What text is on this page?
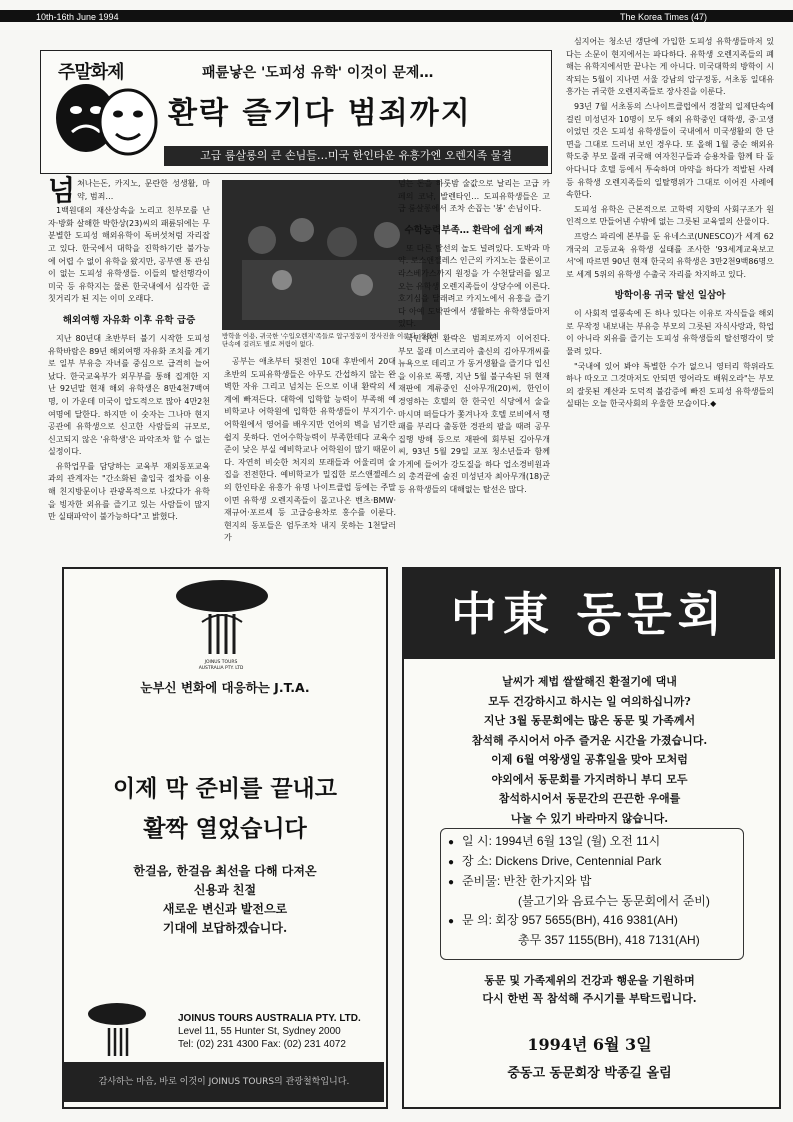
10th-16th June 1994	The Korea Times (47)
주말화제	패륜낳은 '도피성 유학' 이것이 문제…
환락 즐기다 범죄까지
고급 룸살롱의 큰 손님들…미국 한인타운 유흥가엔 오렌지족 물결

넘쳐나는돈, 카지노, 문란한 성생활, 마약, 범죄…

1백원대의 재산상속을 노리고 친부모를 난자·방화 살해한 박한상(23)씨의 패륜뒤에는 무분별한 도피성 해외유학이 독버섯처럼 자리잡고 있다. 한국에서 대학을 진학하기란 불가능에 어렵 수 없이 유학을 왔지만, 공부엔 통 관심이 없는 도피성 유학생들. 이들의 탈선행각이 미국 등 유학지는 물론 한국내에서 심각한 골칫거리가 된 지는 이미 오래다.

해외여행 자유화 이후 유학 급증

지난 80년대 초반부터 불기 시작한 도피성 유학바람은 89년 해외여행 자유화 조치를 계기로 일부 부유층 자녀를 중심으로 급격히 늘어났다. 한국교육부가 외무부를 통해 집계한 지난 92년말 현재 해외 유학생은 8만4천7백여명, 이 가운데 미국이 압도적으로 많아 4만2천여명에 달한다. 하지만 이 숫자는 그나마 현지 공관에 유학생으로 신고한 사람들의 규모로, 신고되지 않은 '유학생'은 파악조차 할 수 없는 실정이다.

유학업무를 담당하는 교육부 재외동포교육과의 관계자는 "간소화된 출입국 절차를 이용해 친지방문이나 관광목적으로 나갔다가 유학을 빙자한 외유를 즐기고 있는 사람들이 많지만 실태파악이 불가능하다"고 밝혔다.

방학을 이용, 귀국한 '수입오렌지'족들로 압구정동이 장사진을 이룬다. 경찰의 단속에 걸려도 별로 꺼림이 없다.

공부는 애초부터 뒷전인 10대 후반에서 20대 초반의 도피유학생들은 아무도 간섭하지 않는 완벽한 자유 그리고 넘치는 돈으로 이내 환락의 세계에 빠져든다. 대학에 입학할 능력이 부족해 예비학교나 어학원에 입학한 유학생들이 부지기수. 어학원에서 영어를 배우지만 언어의 벽을 넘기란 쉽지 못하다. 언어수학능력이 부족한데다 교육수준이 낮은 부실 예비학교나 어학원이 많기 때문이다. 자연히 비슷한 처지의 또래들과 어울리며 술집을 전전한다. 예비학교가 밀집한 로스앤젤레스의 한인타운 유흥가 유명 나이트클럽 등에는 주말이면 유학생 오렌지족들이 몰고나온 벤츠·BMW·재규어·포르셰 등 고급승용차로 홍수를 이룬다. 현지의 동포들은 엄두조차 내지 못하는 1천달러가

넘는 돈을 하룻밤 술값으로 날리는 고급 카페의 코냑, 발렌타인… 도피유학생들은 고급 룸살롱에서 조차 손꼽는 '봉' 손님이다.

수학능력부족… 환락에 쉽게 빠져

또 다른 탈선의 놀도 널려있다. 도박과 마약. 로스앤젤레스 인근의 카지노는 물론이고 라스베가스까지 원정을 가 수천달러를 잃고 오는 유학생 오렌지족들이 상당수에 이른다. 호기심을 달래려고 카지노에서 유흥을 즐기다 아예 도박판에서 생활하는 유학생들마저 있다.

국민적인 환락은 범죄로까지 이어진다. 부모 몰래 미스코리아 출신의 김아무개씨를 뉴욕으로 데리고 가 동거생활을 즐기다 입신을 이유로 폭행, 지난 5월 불구속된 뒤 현재 재판에 계류중인 신아무개(20)씨, 한인이 경영하는 호텔의 한 한국인 식당에서 술을 마시며 떠들다가 쫓겨나자 호텔 로비에서 행패를 부리다 출동한 경관의 팔을 때려 공무집행 방해 등으로 재판에 회부된 김아무개씨, 93년 5월 29일 교포 청소년들과 함께 가게에 들어가 강도질을 하다 업소경비원과의 총격끝에 숨진 미성년자 최아무개(18)군 등 유학생들의 대해없는 탈선은 많다.

심지어는 청소년 갱단에 가입한 도피성 유학생들마저 있다는 소문이 현지에서는 파다하다. 유학생 오렌지족들의 폐해는 유학지에서만 끝나는 게 아니다. 미국대학의 방학이 시작되는 5월이 지나면 서울 강남의 압구정동, 서초동 일대유흥가는 귀국한 오렌지족들로 장사진을 이룬다.

93년 7월 서초동의 스나이트클럽에서 경찰의 일제단속에 걸린 미성년자 10명이 모두 해외 유학중인 대학생, 중·고생이었던 것은 도피성 유학생들이 국내에서 미국생활의 한 단면을 그대로 드러내 보인 경우다. 또 올해 1월 중순 해외유학도중 부모 몰래 귀국해 여자친구들과 승용차를 함께 타 돌아다니다 호텔 등에서 투숙하며 마약을 하다가 적발된 사례 등 유학생 오렌지족들의 일탈행위가 그대로 이어진 사례에 속한다.

도피성 유학은 근본적으로 고학력 지향의 사회구조가 원인적으로 만들어낸 수밖에 없는 그릇된 교육열의 산물이다.

프랑스 파리에 본부를 둔 유네스코(UNESCO)가 세계 62개국의 고등교육 유학생 실태를 조사한 '93세계교육보고서'에 따르면 90년 현재 한국의 유학생은 3만2천9백86명으로 세계 5위의 유학생 수출국 자리를 차지하고 있다.

방학이용 귀국 탈선 일삼아

이 사회적 열풍속에 돈 하나 있다는 이유로 자식들을 해외로 무작정 내보내는 부유층 부모의 그릇된 자식사랑과, 학업이 아니라 외유를 즐기는 도피성 유학생들의 탈선행각이 맞물려 있다.

"국내에 있어 봐야 특별한 수가 없으니 영터리 학위라도 하나 따오고 그것마저도 안되면 영어라도 배워오라"는 부모의 잘못된 계산과 도덕적 불감증에 빠진 도피성 유학생들의 실태는 오늘 한국사회의 우울한 모습이다.◆

JOINUS TOURS AUSTRALIA PTY. LTD
눈부신 변화에 대응하는 J.T.A.
이제 막 준비를 끝내고
활짝 열었습니다
한걸음, 한걸음 최선을 다해 다져온
신용과 친절
새로운 변신과 발전으로
기대에 보답하겠습니다.
JOINUS TOURS AUSTRALIA PTY. LTD.
Level 11, 55 Hunter St, Sydney 2000
Tel: (02) 231 4300 Fax: (02) 231 4072
감사하는 마음, 바로 이것이 JOINUS TOURS의 관광철학입니다.
中東 동문회
날씨가 제법 쌀쌀해진 환절기에 댁내
모두 건강하시고 하시는 일 여의하십니까?
지난 3월 동문회에는 많은 동문 및 가족께서
참석해 주시어서 아주 즐거운 시간을 가졌습니다.
이제 6월 여왕생일 공휴일을 맞아 모처럼
야외에서 동문회를 가지려하니 부디 모두
참석하시어서 동문간의 끈끈한 우애를
나눌 수 있기 바라마지 않습니다.
● 일 시: 1994년 6월 13일 (월) 오전 11시
● 장 소: Dickens Drive, Centennial Park
● 준비물: 반찬 한가지와 밥
(불고기와 음료수는 동문회에서 준비)
● 문 의: 회장 957 5655(BH), 416 9381(AH)
총무 357 1155(BH), 418 7131(AH)
동문 및 가족제위의 건강과 행운을 기원하며
다시 한번 꼭 참석해 주시기를 부탁드립니다.
1994년 6월 3일
중동고 동문회장 박종길 올림
